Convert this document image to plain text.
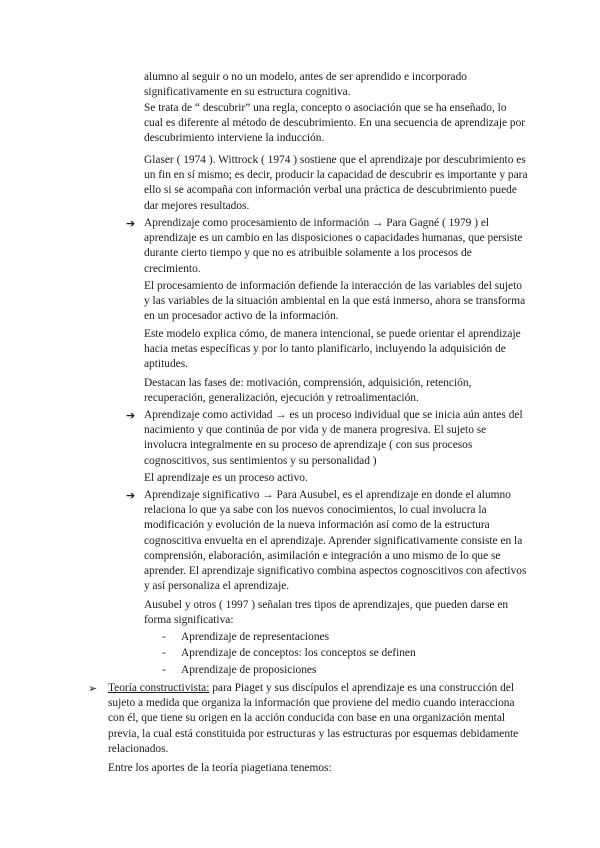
alumno al seguir o no un modelo, antes de ser aprendido e incorporado significativamente en su estructura cognitiva.

Se trata de “ descubrir” una regla, concepto o asociación que se ha enseñado, lo cual es diferente al método de descubrimiento. En una secuencia de aprendizaje por descubrimiento interviene la inducción.

Glaser ( 1974 ). Wittrock ( 1974 ) sostiene que el aprendizaje por descubrimiento es un fin en sí mismo; es decir, producir la capacidad de descubrir es importante y para ello si se acompaña con información verbal una práctica de descubrimiento puede dar mejores resultados.

➔ Aprendizaje como procesamiento de información → Para Gagné ( 1979 ) el aprendizaje es un cambio en las disposiciones o capacidades humanas, que persiste durante cierto tiempo y que no es atribuible solamente a los procesos de crecimiento.

El procesamiento de información defiende la interacción de las variables del sujeto y las variables de la situación ambiental en la que está inmerso, ahora se transforma en un procesador activo de la información.

Este modelo explica cómo, de manera intencional, se puede orientar el aprendizaje hacia metas específicas y por lo tanto planificarlo, incluyendo la adquisición de aptitudes.

Destacan las fases de: motivación, comprensión, adquisición, retención, recuperación, generalización, ejecución y retroalimentación.

➔ Aprendizaje como actividad → es un proceso individual que se inicia aún antes del nacimiento y que continúa de por vida y de manera progresiva. El sujeto se involucra integralmente en su proceso de aprendizaje ( con sus procesos cognoscitivos, sus sentimientos y su personalidad )

El aprendizaje es un proceso activo.

➔ Aprendizaje significativo → Para Ausubel, es el aprendizaje en donde el alumno relaciona lo que ya sabe con los nuevos conocimientos, lo cual involucra la modificación y evolución de la nueva información así como de la estructura cognoscitiva envuelta en el aprendizaje. Aprender significativamente consiste en la comprensión, elaboración, asimilación e integración a uno mismo de lo que se aprender. El aprendizaje significativo combina aspectos cognoscitivos con afectivos y así personaliza el aprendizaje.

Ausubel y otros ( 1997 ) señalan tres tipos de aprendizajes, que pueden darse en forma significativa:

-	Aprendizaje de representaciones

-	Aprendizaje de conceptos: los conceptos se definen

-	Aprendizaje de proposiciones

➢ Teoría constructivista: para Piaget y sus discípulos el aprendizaje es una construcción del sujeto a medida que organiza la información que proviene del medio cuando interacciona con él, que tiene su origen en la acción conducida con base en una organización mental previa, la cual está constituida por estructuras y las estructuras por esquemas debidamente relacionados.

Entre los aportes de la teoría piagetiana tenemos:
